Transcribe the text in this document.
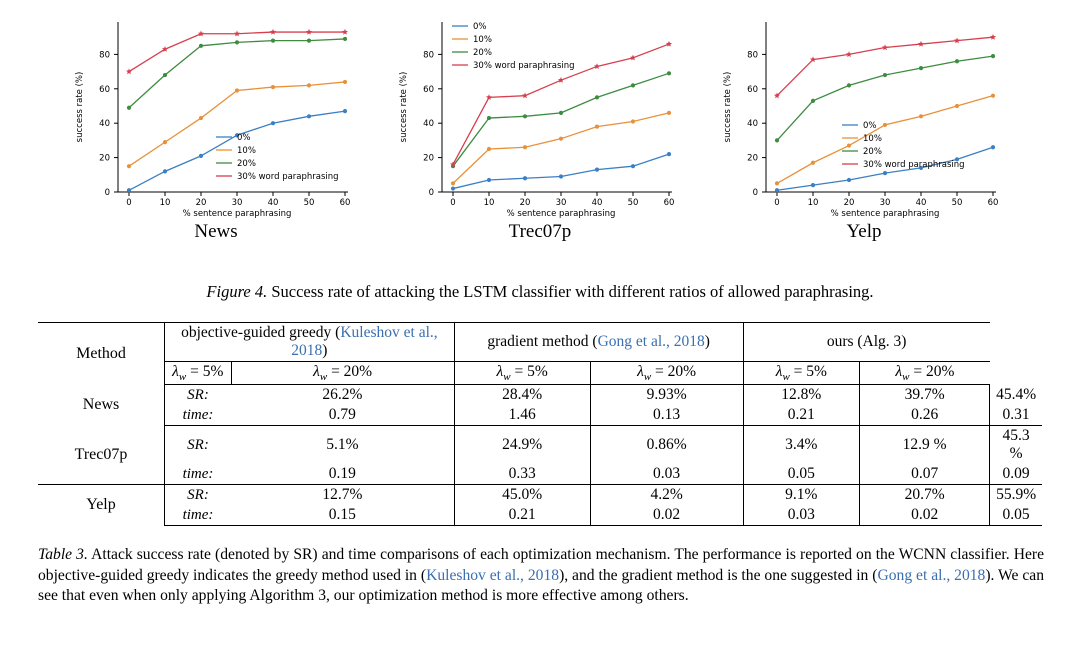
0
20
40
60
80
0	10	20	30	40	50	60
% sentence paraphrasing
success rate (%)	0%
10%
20%
30% word paraphrasing
News
0
20
40
60
80
0	10	20	30	40	50	60
% sentence paraphrasing
success rate (%)
0%
10%
20%
30% word paraphrasing
Trec07p
0
20
40
60
80
0	10	20	30	40	50	60
% sentence paraphrasing
success rate (%)	0%
10%
20%
30% word paraphrasing
Yelp
Figure 4. Success rate of attacking the LSTM classifier with different ratios of allowed paraphrasing.
Method	objective-guided greedy (Kuleshov et al., 2018)		gradient method (Gong et al., 2018)		ours (Alg. 3)		
	$\lambda_w = 5\%$	$\lambda_w = 20\%$	$\lambda_w = 5\%$	$\lambda_w = 20\%$	$\lambda_w = 5\%$	$\lambda_w = 20\%$	
News	SR:	26.2%	28.4%	9.93%	12.8%	39.7%	45.4%
	time:	0.79	1.46	0.13	0.21	0.26	0.31
Trec07p	SR:	5.1%	24.9%	0.86%	3.4%	12.9 %	45.3 %
	time:	0.19	0.33	0.03	0.05	0.07	0.09
Yelp	SR:	12.7%	45.0%	4.2%	9.1%	20.7%	55.9%
	time:	0.15	0.21	0.02	0.03	0.02	0.05
Table 3. Attack success rate (denoted by SR) and time comparisons of each optimization mechanism. The performance is reported on the WCNN classifier. Here objective-guided greedy indicates the greedy method used in (Kuleshov et al., 2018), and the gradient method is the one suggested in (Gong et al., 2018). We can see that even when only applying Algorithm 3, our optimization method is more effective among others.
